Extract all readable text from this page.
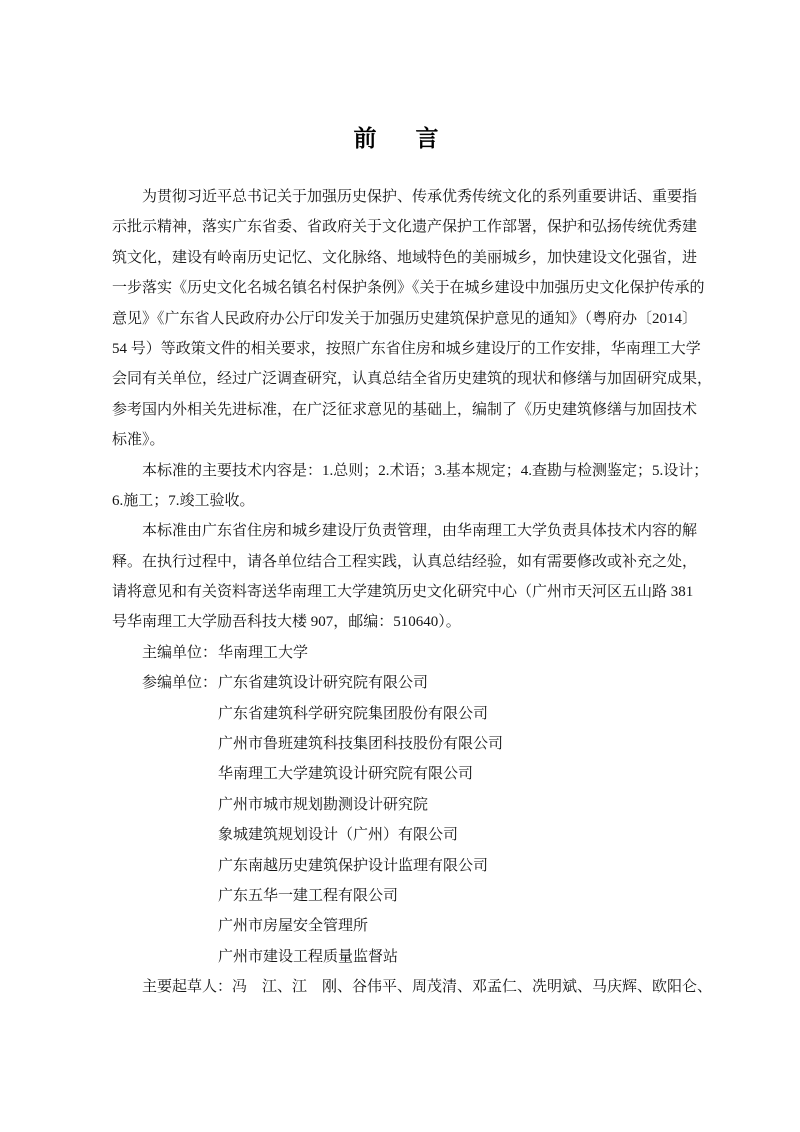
前　言
为贯彻习近平总书记关于加强历史保护、传承优秀传统文化的系列重要讲话、重要指
示批示精神，落实广东省委、省政府关于文化遗产保护工作部署，保护和弘扬传统优秀建
筑文化，建设有岭南历史记忆、文化脉络、地域特色的美丽城乡，加快建设文化强省，进
一步落实《历史文化名城名镇名村保护条例》《关于在城乡建设中加强历史文化保护传承的
意见》《广东省人民政府办公厅印发关于加强历史建筑保护意见的通知》（粤府办〔2014〕
54 号）等政策文件的相关要求，按照广东省住房和城乡建设厅的工作安排，华南理工大学
会同有关单位，经过广泛调查研究，认真总结全省历史建筑的现状和修缮与加固研究成果，
参考国内外相关先进标准，在广泛征求意见的基础上，编制了《历史建筑修缮与加固技术
标准》。
本标准的主要技术内容是：1.总则；2.术语；3.基本规定；4.查勘与检测鉴定；5.设计；
6.施工；7.竣工验收。
本标准由广东省住房和城乡建设厅负责管理，由华南理工大学负责具体技术内容的解
释。在执行过程中，请各单位结合工程实践，认真总结经验，如有需要修改或补充之处，
请将意见和有关资料寄送华南理工大学建筑历史文化研究中心（广州市天河区五山路 381
号华南理工大学励吾科技大楼 907，邮编：510640）。
主编单位： 华南理工大学
参编单位： 广东省建筑设计研究院有限公司
广东省建筑科学研究院集团股份有限公司
广州市鲁班建筑科技集团科技股份有限公司
华南理工大学建筑设计研究院有限公司
广州市城市规划勘测设计研究院
象城建筑规划设计（广州）有限公司
广东南越历史建筑保护设计监理有限公司
广东五华一建工程有限公司
广州市房屋安全管理所
广州市建设工程质量监督站
主要起草人： 冯　江、江　刚、谷伟平、周茂清、邓孟仁、冼明斌、马庆辉、欧阳仑、
